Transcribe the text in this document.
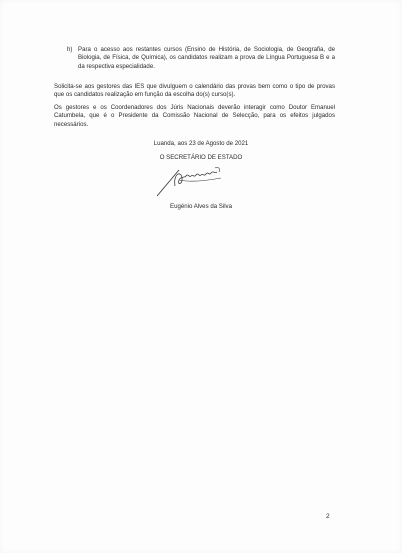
h) Para o acesso aos restantes cursos (Ensino de História, de Sociologia, de Geografia, de Biologia, de Física, de Química), os candidatos realizam a prova de Língua Portuguesa B e a da respectiva especialidade.

Solicita-se aos gestores das IES que divulguem o calendário das provas bem como o tipo de provas que os candidatos realização em função da escolha do(s) curso(s).

Os gestores e os Coordenadores dos Júris Nacionais deverão interagir como Doutor Emanuel Catumbela, que é o Presidente da Comissão Nacional de Selecção, para os efeitos julgados necessários.

Luanda, aos 23 de Agosto de 2021
O SECRETÁRIO DE ESTADO
Eugénio Alves da Silva
2
